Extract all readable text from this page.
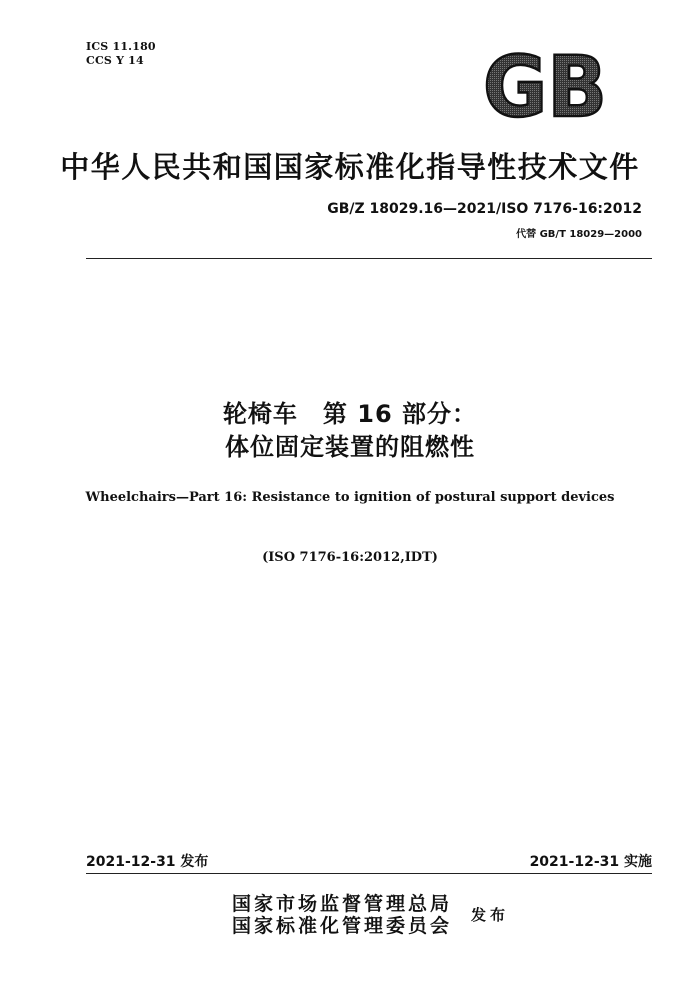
ICS 11.180
CCS Y 14	GB
中华人民共和国国家标准化指导性技术文件
GB/Z 18029.16—2021/ISO 7176-16:2012
代替 GB/T 18029—2000
轮椅车　第 16 部分：
体位固定装置的阻燃性
Wheelchairs—Part 16: Resistance to ignition of postural support devices
(ISO 7176-16:2012,IDT)
2021-12-31 发布	2021-12-31 实施
国家市场监督管理总局
国家标准化管理委员会 发布
